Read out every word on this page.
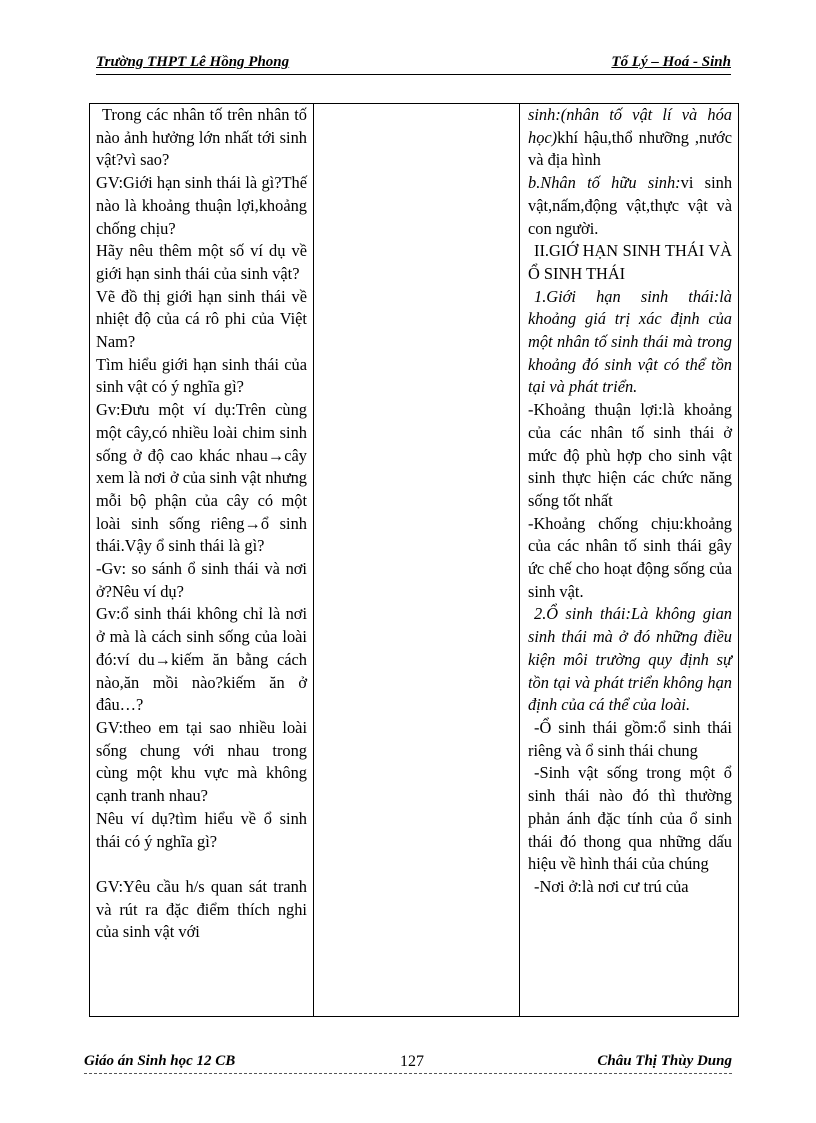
Trường THPT Lê Hồng Phong	Tổ Lý – Hoá - Sinh

Trong các nhân tố trên nhân tố nào ảnh hưởng lớn nhất tới sinh vật?vì sao?

GV:Giới hạn sinh thái là gì?Thế nào là khoảng thuận lợi,khoảng chống chịu?

Hãy nêu thêm một số ví dụ về giới hạn sinh thái của sinh vật?

Vẽ đồ thị giới hạn sinh thái về nhiệt độ của cá rô phi của Việt Nam?

Tìm hiểu giới hạn sinh thái của sinh vật có ý nghĩa gì?

Gv:Đưu một ví dụ:Trên cùng một cây,có nhiều loài chim sinh sống ở độ cao khác nhau→cây xem là nơi ở của sinh vật nhưng mỗi bộ phận của cây có một loài sinh sống riêng→ổ sinh thái.Vậy ổ sinh thái là gì?

-Gv: so sánh ổ sinh thái và nơi ở?Nêu ví dụ?

Gv:ổ sinh thái không chỉ là nơi ở mà là cách sinh sống của loài đó:ví du→kiếm ăn bằng cách nào,ăn mồi nào?kiếm ăn ở đâu…?

GV:theo em tại sao nhiều loài sống chung với nhau trong cùng một khu vực mà không cạnh tranh nhau?

Nêu ví dụ?tìm hiểu về ổ sinh thái có ý nghĩa gì?

GV:Yêu cầu h/s quan sát tranh và rút ra đặc điểm thích nghi của sinh vật với

sinh:(nhân tố vật lí và hóa học)khí hậu,thổ nhưỡng ,nước và địa hình

b.Nhân tố hữu sinh:vi sinh vật,nấm,động vật,thực vật và con người.

II.GIỚ HẠN SINH THÁI VÀ Ổ SINH THÁI

1.Giới hạn sinh thái:là khoảng giá trị xác định của một nhân tố sinh thái mà trong khoảng đó sinh vật có thể tồn tại và phát triển.

-Khoảng thuận lợi:là khoảng của các nhân tố sinh thái ở mức độ phù hợp cho sinh vật sinh thực hiện các chức năng sống tốt nhất

-Khoảng chống chịu:khoảng của các nhân tố sinh thái gây ức chế cho hoạt động sống của sinh vật.

2.Ổ sinh thái:Là không gian sinh thái mà ở đó những điều kiện môi trường quy định sự tồn tại và phát triển không hạn định của cá thể của loài.

-Ổ sinh thái gồm:ổ sinh thái riêng và ổ sinh thái chung

-Sinh vật sống trong một ổ sinh thái nào đó thì thường phản ánh đặc tính của ổ sinh thái đó thong qua những dấu hiệu về hình thái của chúng

-Nơi ở:là nơi cư trú của

Giáo án Sinh học 12 CB	127	Châu Thị Thùy Dung
